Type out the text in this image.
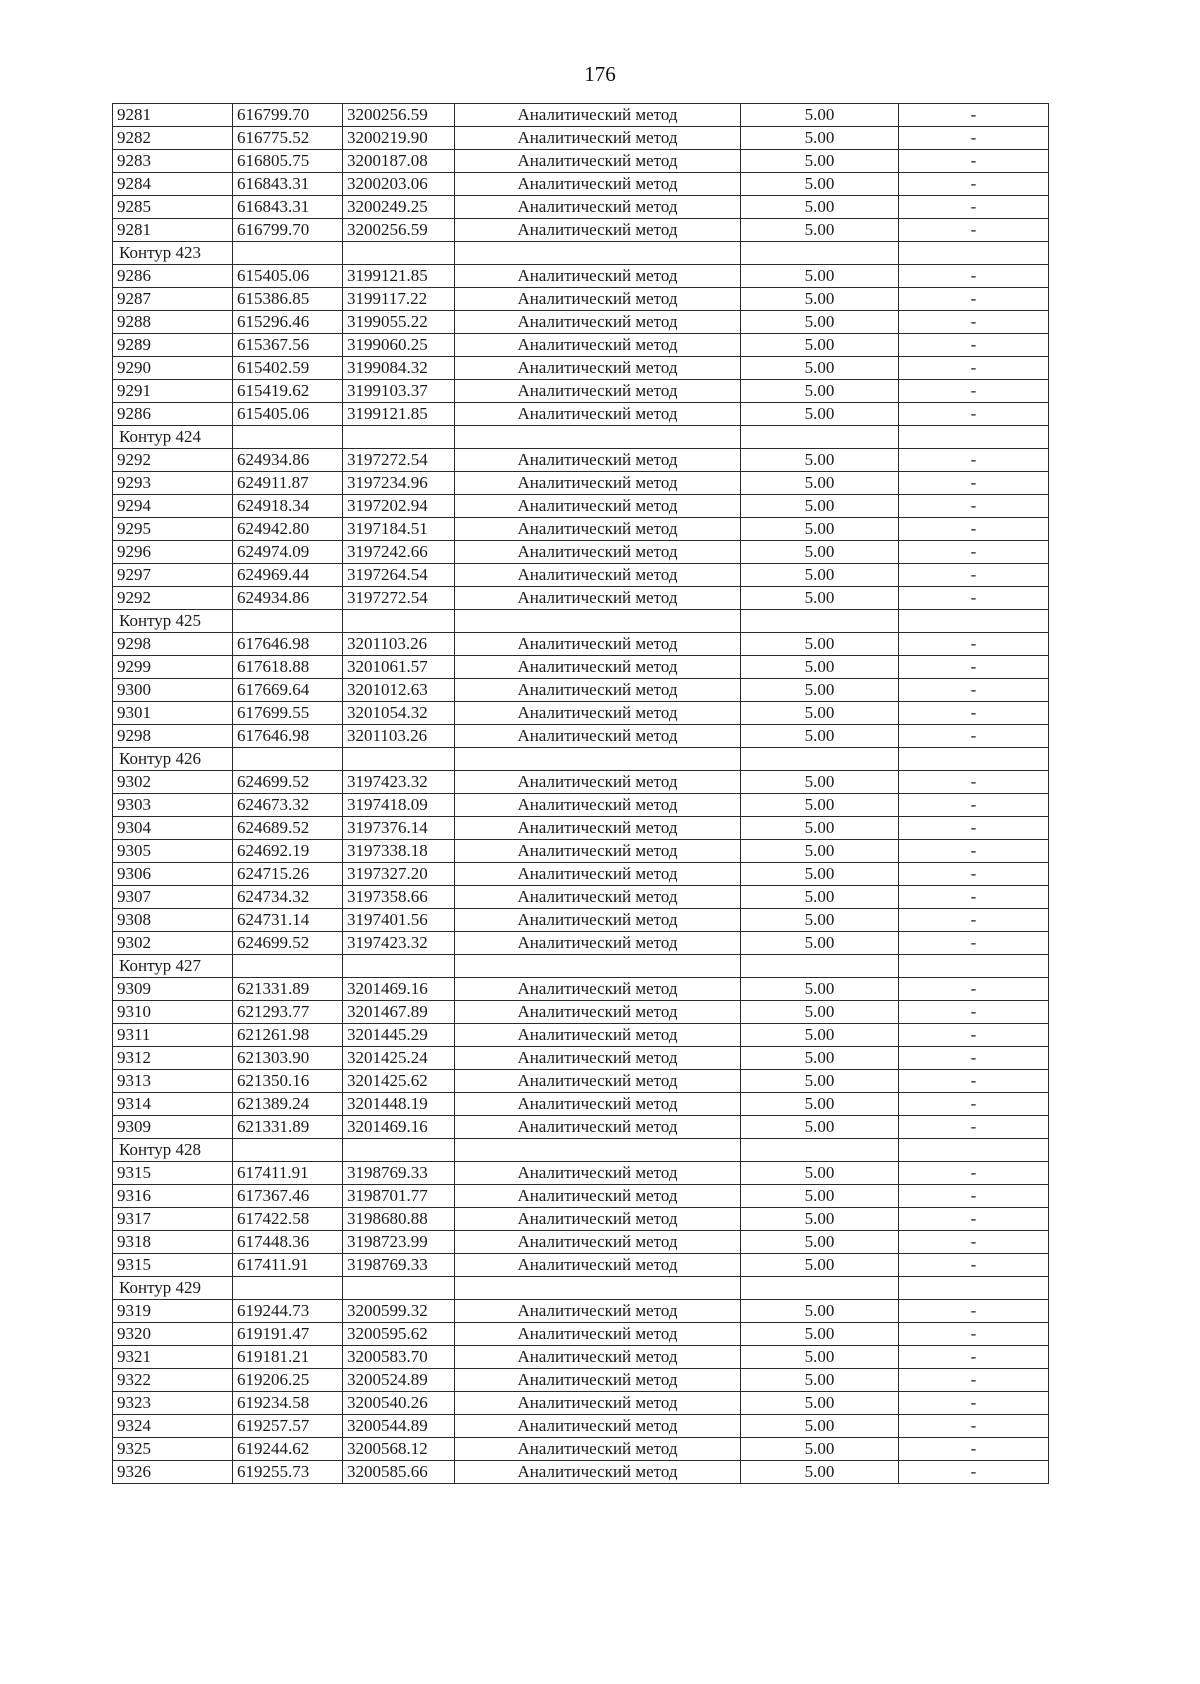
176
9281	616799.70	3200256.59	Аналитический метод	5.00	-
9282	616775.52	3200219.90	Аналитический метод	5.00	-
9283	616805.75	3200187.08	Аналитический метод	5.00	-
9284	616843.31	3200203.06	Аналитический метод	5.00	-
9285	616843.31	3200249.25	Аналитический метод	5.00	-
9281	616799.70	3200256.59	Аналитический метод	5.00	-
Контур 423					
9286	615405.06	3199121.85	Аналитический метод	5.00	-
9287	615386.85	3199117.22	Аналитический метод	5.00	-
9288	615296.46	3199055.22	Аналитический метод	5.00	-
9289	615367.56	3199060.25	Аналитический метод	5.00	-
9290	615402.59	3199084.32	Аналитический метод	5.00	-
9291	615419.62	3199103.37	Аналитический метод	5.00	-
9286	615405.06	3199121.85	Аналитический метод	5.00	-
Контур 424					
9292	624934.86	3197272.54	Аналитический метод	5.00	-
9293	624911.87	3197234.96	Аналитический метод	5.00	-
9294	624918.34	3197202.94	Аналитический метод	5.00	-
9295	624942.80	3197184.51	Аналитический метод	5.00	-
9296	624974.09	3197242.66	Аналитический метод	5.00	-
9297	624969.44	3197264.54	Аналитический метод	5.00	-
9292	624934.86	3197272.54	Аналитический метод	5.00	-
Контур 425					
9298	617646.98	3201103.26	Аналитический метод	5.00	-
9299	617618.88	3201061.57	Аналитический метод	5.00	-
9300	617669.64	3201012.63	Аналитический метод	5.00	-
9301	617699.55	3201054.32	Аналитический метод	5.00	-
9298	617646.98	3201103.26	Аналитический метод	5.00	-
Контур 426					
9302	624699.52	3197423.32	Аналитический метод	5.00	-
9303	624673.32	3197418.09	Аналитический метод	5.00	-
9304	624689.52	3197376.14	Аналитический метод	5.00	-
9305	624692.19	3197338.18	Аналитический метод	5.00	-
9306	624715.26	3197327.20	Аналитический метод	5.00	-
9307	624734.32	3197358.66	Аналитический метод	5.00	-
9308	624731.14	3197401.56	Аналитический метод	5.00	-
9302	624699.52	3197423.32	Аналитический метод	5.00	-
Контур 427					
9309	621331.89	3201469.16	Аналитический метод	5.00	-
9310	621293.77	3201467.89	Аналитический метод	5.00	-
9311	621261.98	3201445.29	Аналитический метод	5.00	-
9312	621303.90	3201425.24	Аналитический метод	5.00	-
9313	621350.16	3201425.62	Аналитический метод	5.00	-
9314	621389.24	3201448.19	Аналитический метод	5.00	-
9309	621331.89	3201469.16	Аналитический метод	5.00	-
Контур 428					
9315	617411.91	3198769.33	Аналитический метод	5.00	-
9316	617367.46	3198701.77	Аналитический метод	5.00	-
9317	617422.58	3198680.88	Аналитический метод	5.00	-
9318	617448.36	3198723.99	Аналитический метод	5.00	-
9315	617411.91	3198769.33	Аналитический метод	5.00	-
Контур 429					
9319	619244.73	3200599.32	Аналитический метод	5.00	-
9320	619191.47	3200595.62	Аналитический метод	5.00	-
9321	619181.21	3200583.70	Аналитический метод	5.00	-
9322	619206.25	3200524.89	Аналитический метод	5.00	-
9323	619234.58	3200540.26	Аналитический метод	5.00	-
9324	619257.57	3200544.89	Аналитический метод	5.00	-
9325	619244.62	3200568.12	Аналитический метод	5.00	-
9326	619255.73	3200585.66	Аналитический метод	5.00	-
